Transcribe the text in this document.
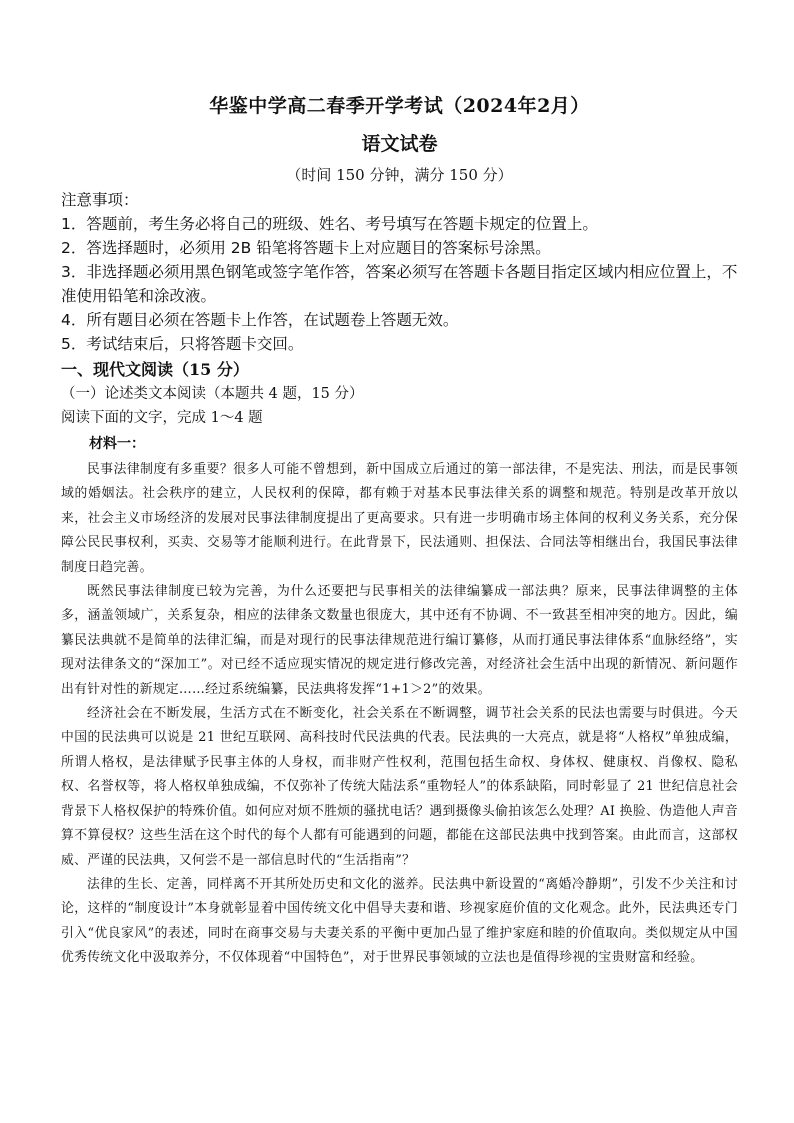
华鉴中学高二春季开学考试（2024年2月）
语文试卷
（时间 150 分钟，满分 150 分）
注意事项：
1．答题前，考生务必将自己的班级、姓名、考号填写在答题卡规定的位置上。
2．答选择题时，必须用 2B 铅笔将答题卡上对应题目的答案标号涂黑。
3．非选择题必须用黑色钢笔或签字笔作答，答案必须写在答题卡各题目指定区域内相应位置上，不准使用铅笔和涂改液。
4．所有题目必须在答题卡上作答，在试题卷上答题无效。
5．考试结束后，只将答题卡交回。
一、现代文阅读（15 分）
（一）论述类文本阅读（本题共 4 题，15 分）
阅读下面的文字，完成 1～4 题
材料一：

民事法律制度有多重要？很多人可能不曾想到，新中国成立后通过的第一部法律，不是宪法、刑法，而是民事领域的婚姻法。社会秩序的建立，人民权利的保障，都有赖于对基本民事法律关系的调整和规范。特别是改革开放以来，社会主义市场经济的发展对民事法律制度提出了更高要求。只有进一步明确市场主体间的权利义务关系，充分保障公民民事权利，买卖、交易等才能顺利进行。在此背景下，民法通则、担保法、合同法等相继出台，我国民事法律制度日趋完善。

既然民事法律制度已较为完善，为什么还要把与民事相关的法律编纂成一部法典？原来，民事法律调整的主体多，涵盖领域广，关系复杂，相应的法律条文数量也很庞大，其中还有不协调、不一致甚至相冲突的地方。因此，编纂民法典就不是简单的法律汇编，而是对现行的民事法律规范进行编订纂修，从而打通民事法律体系“血脉经络”，实现对法律条文的“深加工”。对已经不适应现实情况的规定进行修改完善，对经济社会生活中出现的新情况、新问题作出有针对性的新规定……经过系统编纂，民法典将发挥“1+1＞2”的效果。

经济社会在不断发展，生活方式在不断变化，社会关系在不断调整，调节社会关系的民法也需要与时俱进。今天中国的民法典可以说是 21 世纪互联网、高科技时代民法典的代表。民法典的一大亮点，就是将“人格权”单独成编，所谓人格权，是法律赋予民事主体的人身权，而非财产性权利，范围包括生命权、身体权、健康权、肖像权、隐私权、名誉权等，将人格权单独成编，不仅弥补了传统大陆法系“重物轻人”的体系缺陷，同时彰显了 21 世纪信息社会背景下人格权保护的特殊价值。如何应对烦不胜烦的骚扰电话？遇到摄像头偷拍该怎么处理？AI 换脸、伪造他人声音算不算侵权？这些生活在这个时代的每个人都有可能遇到的问题，都能在这部民法典中找到答案。由此而言，这部权威、严谨的民法典，又何尝不是一部信息时代的“生活指南”？

法律的生长、定善，同样离不开其所处历史和文化的滋养。民法典中新设置的“离婚冷静期”，引发不少关注和讨论，这样的“制度设计”本身就彰显着中国传统文化中倡导夫妻和谐、珍视家庭价值的文化观念。此外，民法典还专门引入“优良家风”的表述，同时在商事交易与夫妻关系的平衡中更加凸显了维护家庭和睦的价值取向。类似规定从中国优秀传统文化中汲取养分，不仅体现着“中国特色”，对于世界民事领域的立法也是值得珍视的宝贵财富和经验。
